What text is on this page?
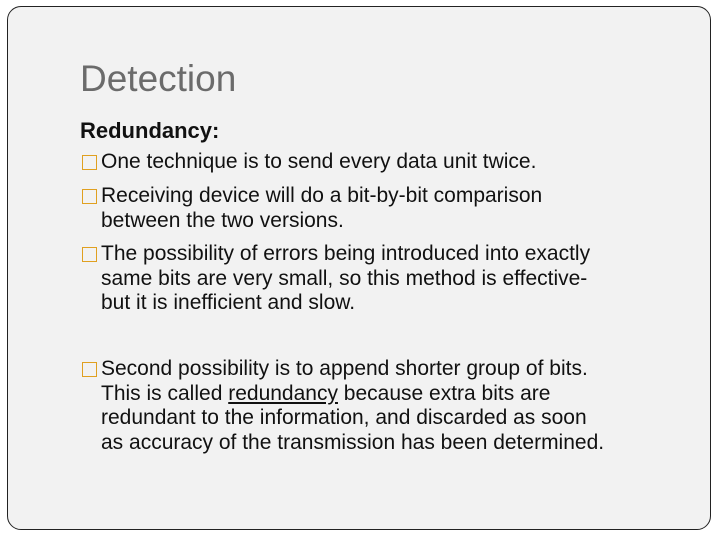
Detection
Redundancy:
One technique is to send every data unit twice.
Receiving device will do a bit-by-bit comparison
between the two versions.
The possibility of errors being introduced into exactly
same bits are very small, so this method is effective-
but it is inefficient and slow.
Second possibility is to append shorter group of bits.
This is called redundancy because extra bits are
redundant to the information, and discarded as soon
as accuracy of the transmission has been determined.
